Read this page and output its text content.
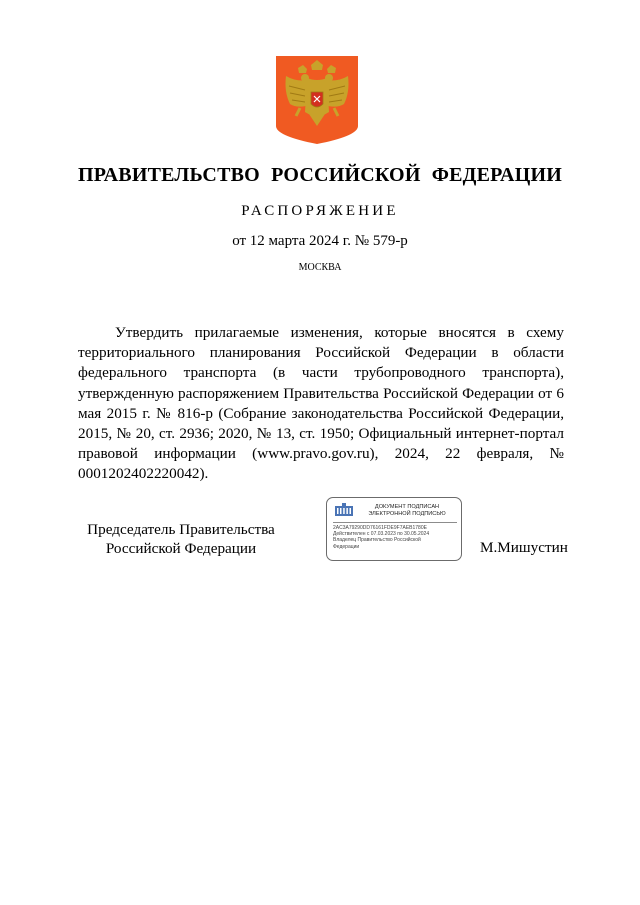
ПРАВИТЕЛЬСТВО РОССИЙСКОЙ ФЕДЕРАЦИИ

РАСПОРЯЖЕНИЕ

от 12 марта 2024 г. № 579-р

МОСКВА

Утвердить прилагаемые изменения, которые вносятся в схему территориального планирования Российской Федерации в области федерального транспорта (в части трубопроводного транспорта), утвержденную распоряжением Правительства Российской Федерации от 6 мая 2015 г. № 816-р (Собрание законодательства Российской Федерации, 2015, № 20, ст. 2936; 2020, № 13, ст. 1950; Официальный интернет-портал правовой информации (www.pravo.gov.ru), 2024, 22 февраля, № 0001202402220042).

Председатель Правительства
Российской Федерации
ДОКУМЕНТ ПОДПИСАН
ЭЛЕКТРОННОЙ ПОДПИСЬЮ
2AC3A79290DD76161FDE9F7AEB1780E
Действителен с 07.03.2023 по 30.05.2024
Владелец Правительство Российской
Федерации	М.Мишустин
